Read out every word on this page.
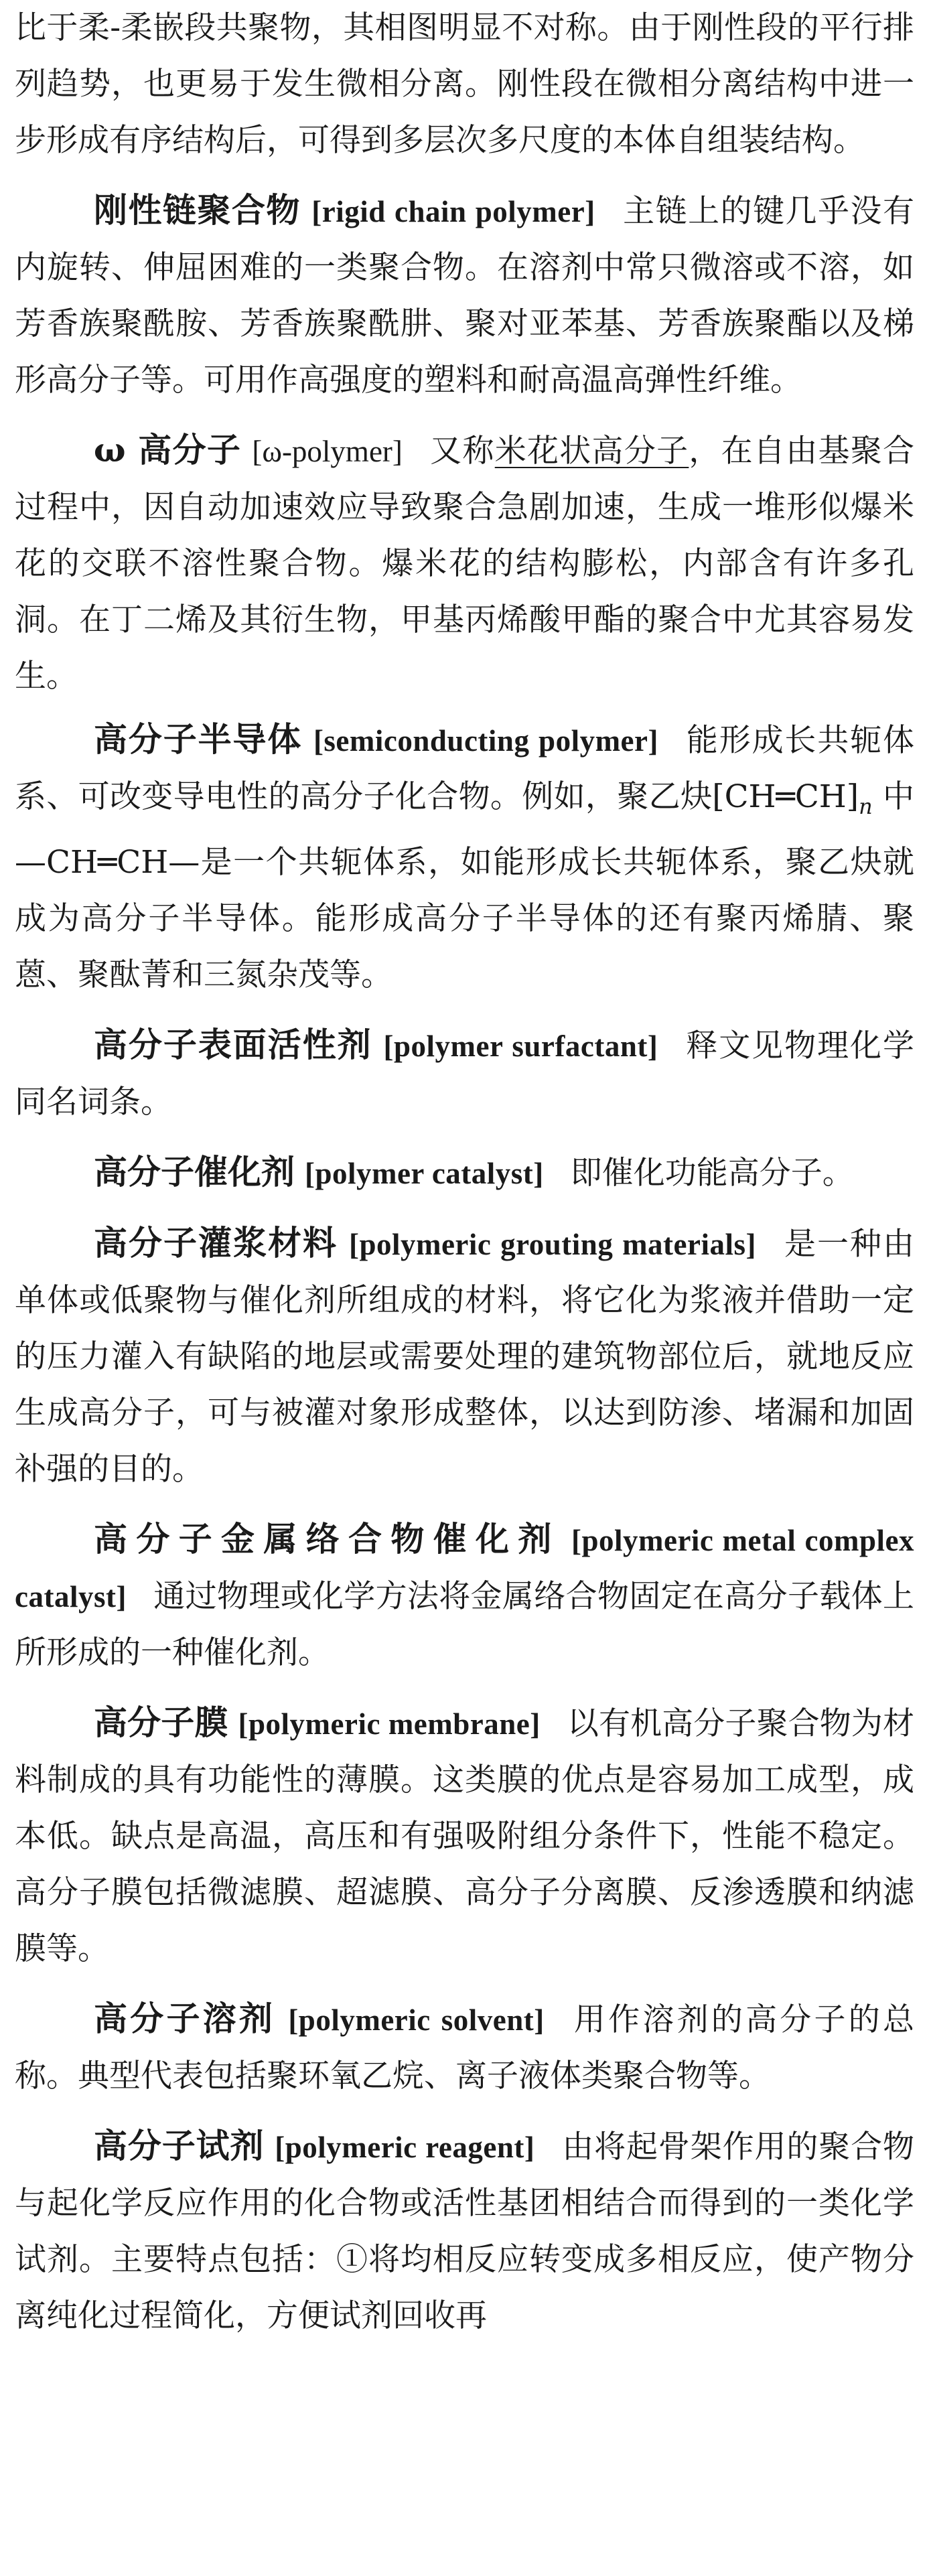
比于柔-柔嵌段共聚物，其相图明显不对称。由于刚性段的平行排列趋势，也更易于发生微相分离。刚性段在微相分离结构中进一步形成有序结构后，可得到多层次多尺度的本体自组装结构。

刚性链聚合物 [rigid chain polymer] 主链上的键几乎没有内旋转、伸屈困难的一类聚合物。在溶剂中常只微溶或不溶，如芳香族聚酰胺、芳香族聚酰肼、聚对亚苯基、芳香族聚酯以及梯形高分子等。可用作高强度的塑料和耐高温高弹性纤维。

ω 高分子 [ω-polymer] 又称米花状高分子，在自由基聚合过程中，因自动加速效应导致聚合急剧加速，生成一堆形似爆米花的交联不溶性聚合物。爆米花的结构膨松，内部含有许多孔洞。在丁二烯及其衍生物，甲基丙烯酸甲酯的聚合中尤其容易发生。

高分子半导体 [semiconducting polymer] 能形成长共轭体系、可改变导电性的高分子化合物。例如，聚乙炔$[CH═CH]_n$ 中—CH═CH—是一个共轭体系，如能形成长共轭体系，聚乙炔就成为高分子半导体。能形成高分子半导体的还有聚丙烯腈、聚蒽、聚酞菁和三氮杂茂等。

高分子表面活性剂 [polymer surfactant] 释文见物理化学同名词条。

高分子催化剂 [polymer catalyst] 即催化功能高分子。

高分子灌浆材料 [polymeric grouting materials] 是一种由单体或低聚物与催化剂所组成的材料，将它化为浆液并借助一定的压力灌入有缺陷的地层或需要处理的建筑物部位后，就地反应生成高分子，可与被灌对象形成整体，以达到防渗、堵漏和加固补强的目的。

高分子金属络合物催化剂 [polymeric metal complex catalyst] 通过物理或化学方法将金属络合物固定在高分子载体上所形成的一种催化剂。

高分子膜 [polymeric membrane] 以有机高分子聚合物为材料制成的具有功能性的薄膜。这类膜的优点是容易加工成型，成本低。缺点是高温，高压和有强吸附组分条件下，性能不稳定。高分子膜包括微滤膜、超滤膜、高分子分离膜、反渗透膜和纳滤膜等。

高分子溶剂 [polymeric solvent] 用作溶剂的高分子的总称。典型代表包括聚环氧乙烷、离子液体类聚合物等。

高分子试剂 [polymeric reagent] 由将起骨架作用的聚合物与起化学反应作用的化合物或活性基团相结合而得到的一类化学试剂。主要特点包括：①将均相反应转变成多相反应，使产物分离纯化过程简化，方便试剂回收再
